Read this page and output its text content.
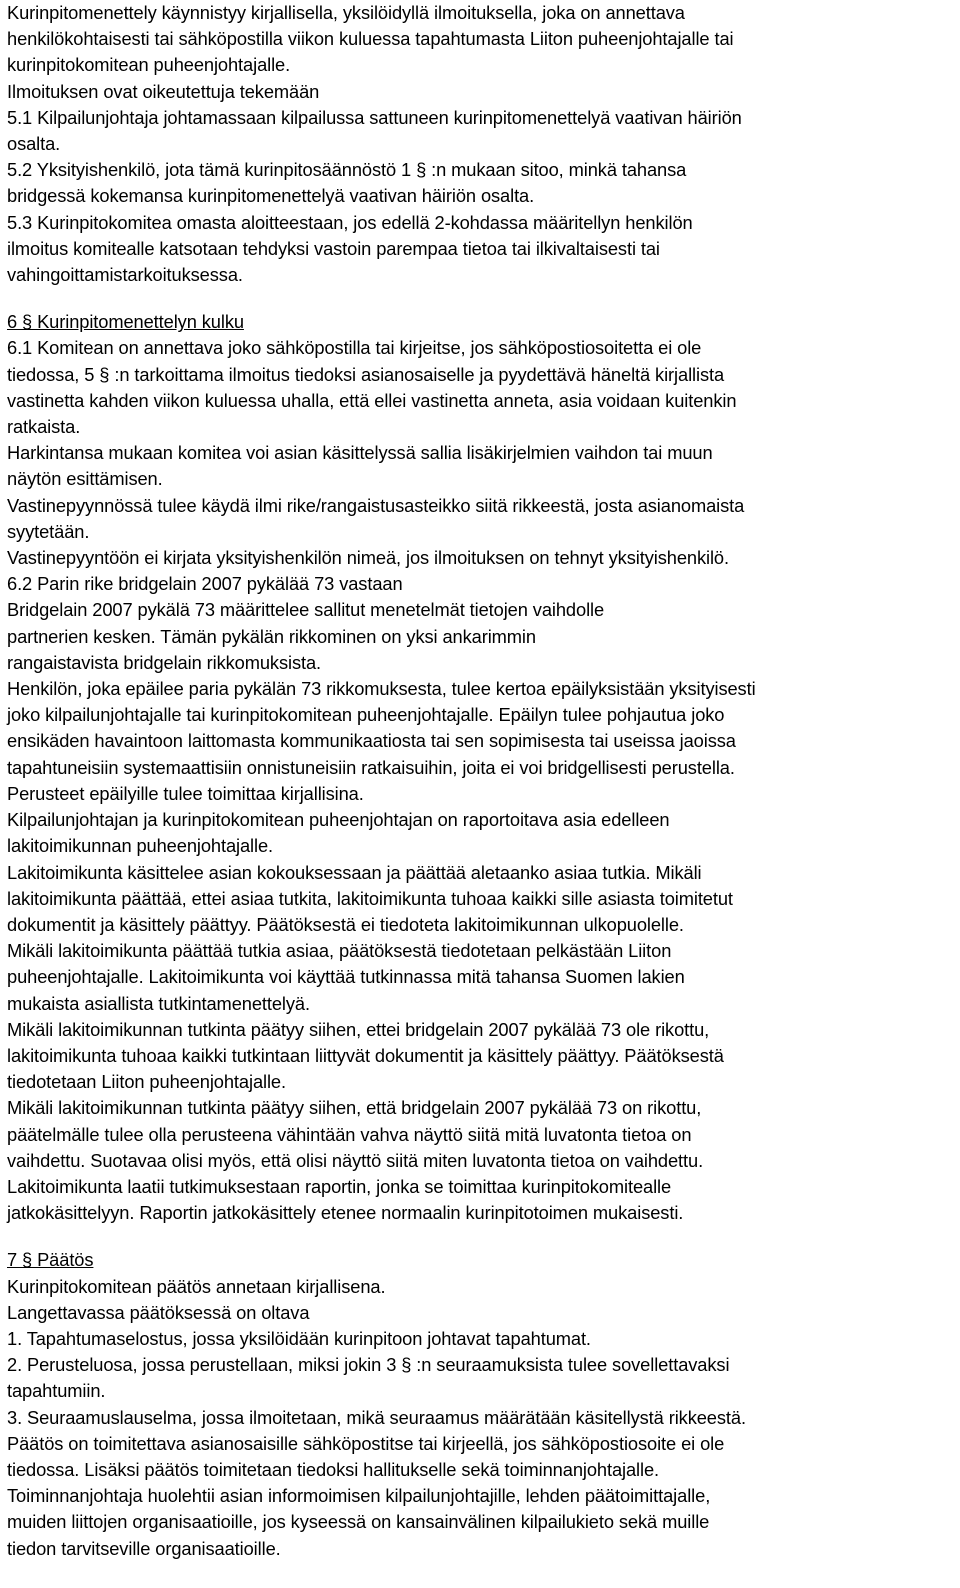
Kurinpitomenettely käynnistyy kirjallisella, yksilöidyllä ilmoituksella, joka on annettava
henkilökohtaisesti tai sähköpostilla viikon kuluessa tapahtumasta Liiton puheenjohtajalle tai
kurinpitokomitean puheenjohtajalle.
Ilmoituksen ovat oikeutettuja tekemään
5.1 Kilpailunjohtaja johtamassaan kilpailussa sattuneen kurinpitomenettelyä vaativan häiriön
osalta.
5.2 Yksityishenkilö, jota tämä kurinpitosäännöstö 1 § :n mukaan sitoo, minkä tahansa
bridgessä kokemansa kurinpitomenettelyä vaativan häiriön osalta.
5.3 Kurinpitokomitea omasta aloitteestaan, jos edellä 2-kohdassa määritellyn henkilön
ilmoitus komitealle katsotaan tehdyksi vastoin parempaa tietoa tai ilkivaltaisesti tai
vahingoittamistarkoituksessa.
6 § Kurinpitomenettelyn kulku
6.1 Komitean on annettava joko sähköpostilla tai kirjeitse, jos sähköpostiosoitetta ei ole
tiedossa, 5 § :n tarkoittama ilmoitus tiedoksi asianosaiselle ja pyydettävä häneltä kirjallista
vastinetta kahden viikon kuluessa uhalla, että ellei vastinetta anneta, asia voidaan kuitenkin
ratkaista.
Harkintansa mukaan komitea voi asian käsittelyssä sallia lisäkirjelmien vaihdon tai muun
näytön esittämisen.
Vastinepyynnössä tulee käydä ilmi rike/rangaistusasteikko siitä rikkeestä, josta asianomaista
syytetään.
Vastinepyyntöön ei kirjata yksityishenkilön nimeä, jos ilmoituksen on tehnyt yksityishenkilö.
6.2 Parin rike bridgelain 2007 pykälää 73 vastaan
Bridgelain 2007 pykälä 73 määrittelee sallitut menetelmät tietojen vaihdolle
partnerien kesken. Tämän pykälän rikkominen on yksi ankarimmin
rangaistavista bridgelain rikkomuksista.
Henkilön, joka epäilee paria pykälän 73 rikkomuksesta, tulee kertoa epäilyksistään yksityisesti
joko kilpailunjohtajalle tai kurinpitokomitean puheenjohtajalle. Epäilyn tulee pohjautua joko
ensikäden havaintoon laittomasta kommunikaatiosta tai sen sopimisesta tai useissa jaoissa
tapahtuneisiin systemaattisiin onnistuneisiin ratkaisuihin, joita ei voi bridgellisesti perustella.
Perusteet epäilyille tulee toimittaa kirjallisina.
Kilpailunjohtajan ja kurinpitokomitean puheenjohtajan on raportoitava asia edelleen
lakitoimikunnan puheenjohtajalle.
Lakitoimikunta käsittelee asian kokouksessaan ja päättää aletaanko asiaa tutkia. Mikäli
lakitoimikunta päättää, ettei asiaa tutkita, lakitoimikunta tuhoaa kaikki sille asiasta toimitetut
dokumentit ja käsittely päättyy. Päätöksestä ei tiedoteta lakitoimikunnan ulkopuolelle.
Mikäli lakitoimikunta päättää tutkia asiaa, päätöksestä tiedotetaan pelkästään Liiton
puheenjohtajalle. Lakitoimikunta voi käyttää tutkinnassa mitä tahansa Suomen lakien
mukaista asiallista tutkintamenettelyä.
Mikäli lakitoimikunnan tutkinta päätyy siihen, ettei bridgelain 2007 pykälää 73 ole rikottu,
lakitoimikunta tuhoaa kaikki tutkintaan liittyvät dokumentit ja käsittely päättyy. Päätöksestä
tiedotetaan Liiton puheenjohtajalle.
Mikäli lakitoimikunnan tutkinta päätyy siihen, että bridgelain 2007 pykälää 73 on rikottu,
päätelmälle tulee olla perusteena vähintään vahva näyttö siitä mitä luvatonta tietoa on
vaihdettu. Suotavaa olisi myös, että olisi näyttö siitä miten luvatonta tietoa on vaihdettu.
Lakitoimikunta laatii tutkimuksestaan raportin, jonka se toimittaa kurinpitokomitealle
jatkokäsittelyyn. Raportin jatkokäsittely etenee normaalin kurinpitotoimen mukaisesti.
7 § Päätös
Kurinpitokomitean päätös annetaan kirjallisena.
Langettavassa päätöksessä on oltava
1. Tapahtumaselostus, jossa yksilöidään kurinpitoon johtavat tapahtumat.
2. Perusteluosa, jossa perustellaan, miksi jokin 3 § :n seuraamuksista tulee sovellettavaksi
tapahtumiin.
3. Seuraamuslauselma, jossa ilmoitetaan, mikä seuraamus määrätään käsitellystä rikkeestä.
Päätös on toimitettava asianosaisille sähköpostitse tai kirjeellä, jos sähköpostiosoite ei ole
tiedossa. Lisäksi päätös toimitetaan tiedoksi hallitukselle sekä toiminnanjohtajalle.
Toiminnanjohtaja huolehtii asian informoimisen kilpailunjohtajille, lehden päätoimittajalle,
muiden liittojen organisaatioille, jos kyseessä on kansainvälinen kilpailukieto sekä muille
tiedon tarvitseville organisaatioille.
